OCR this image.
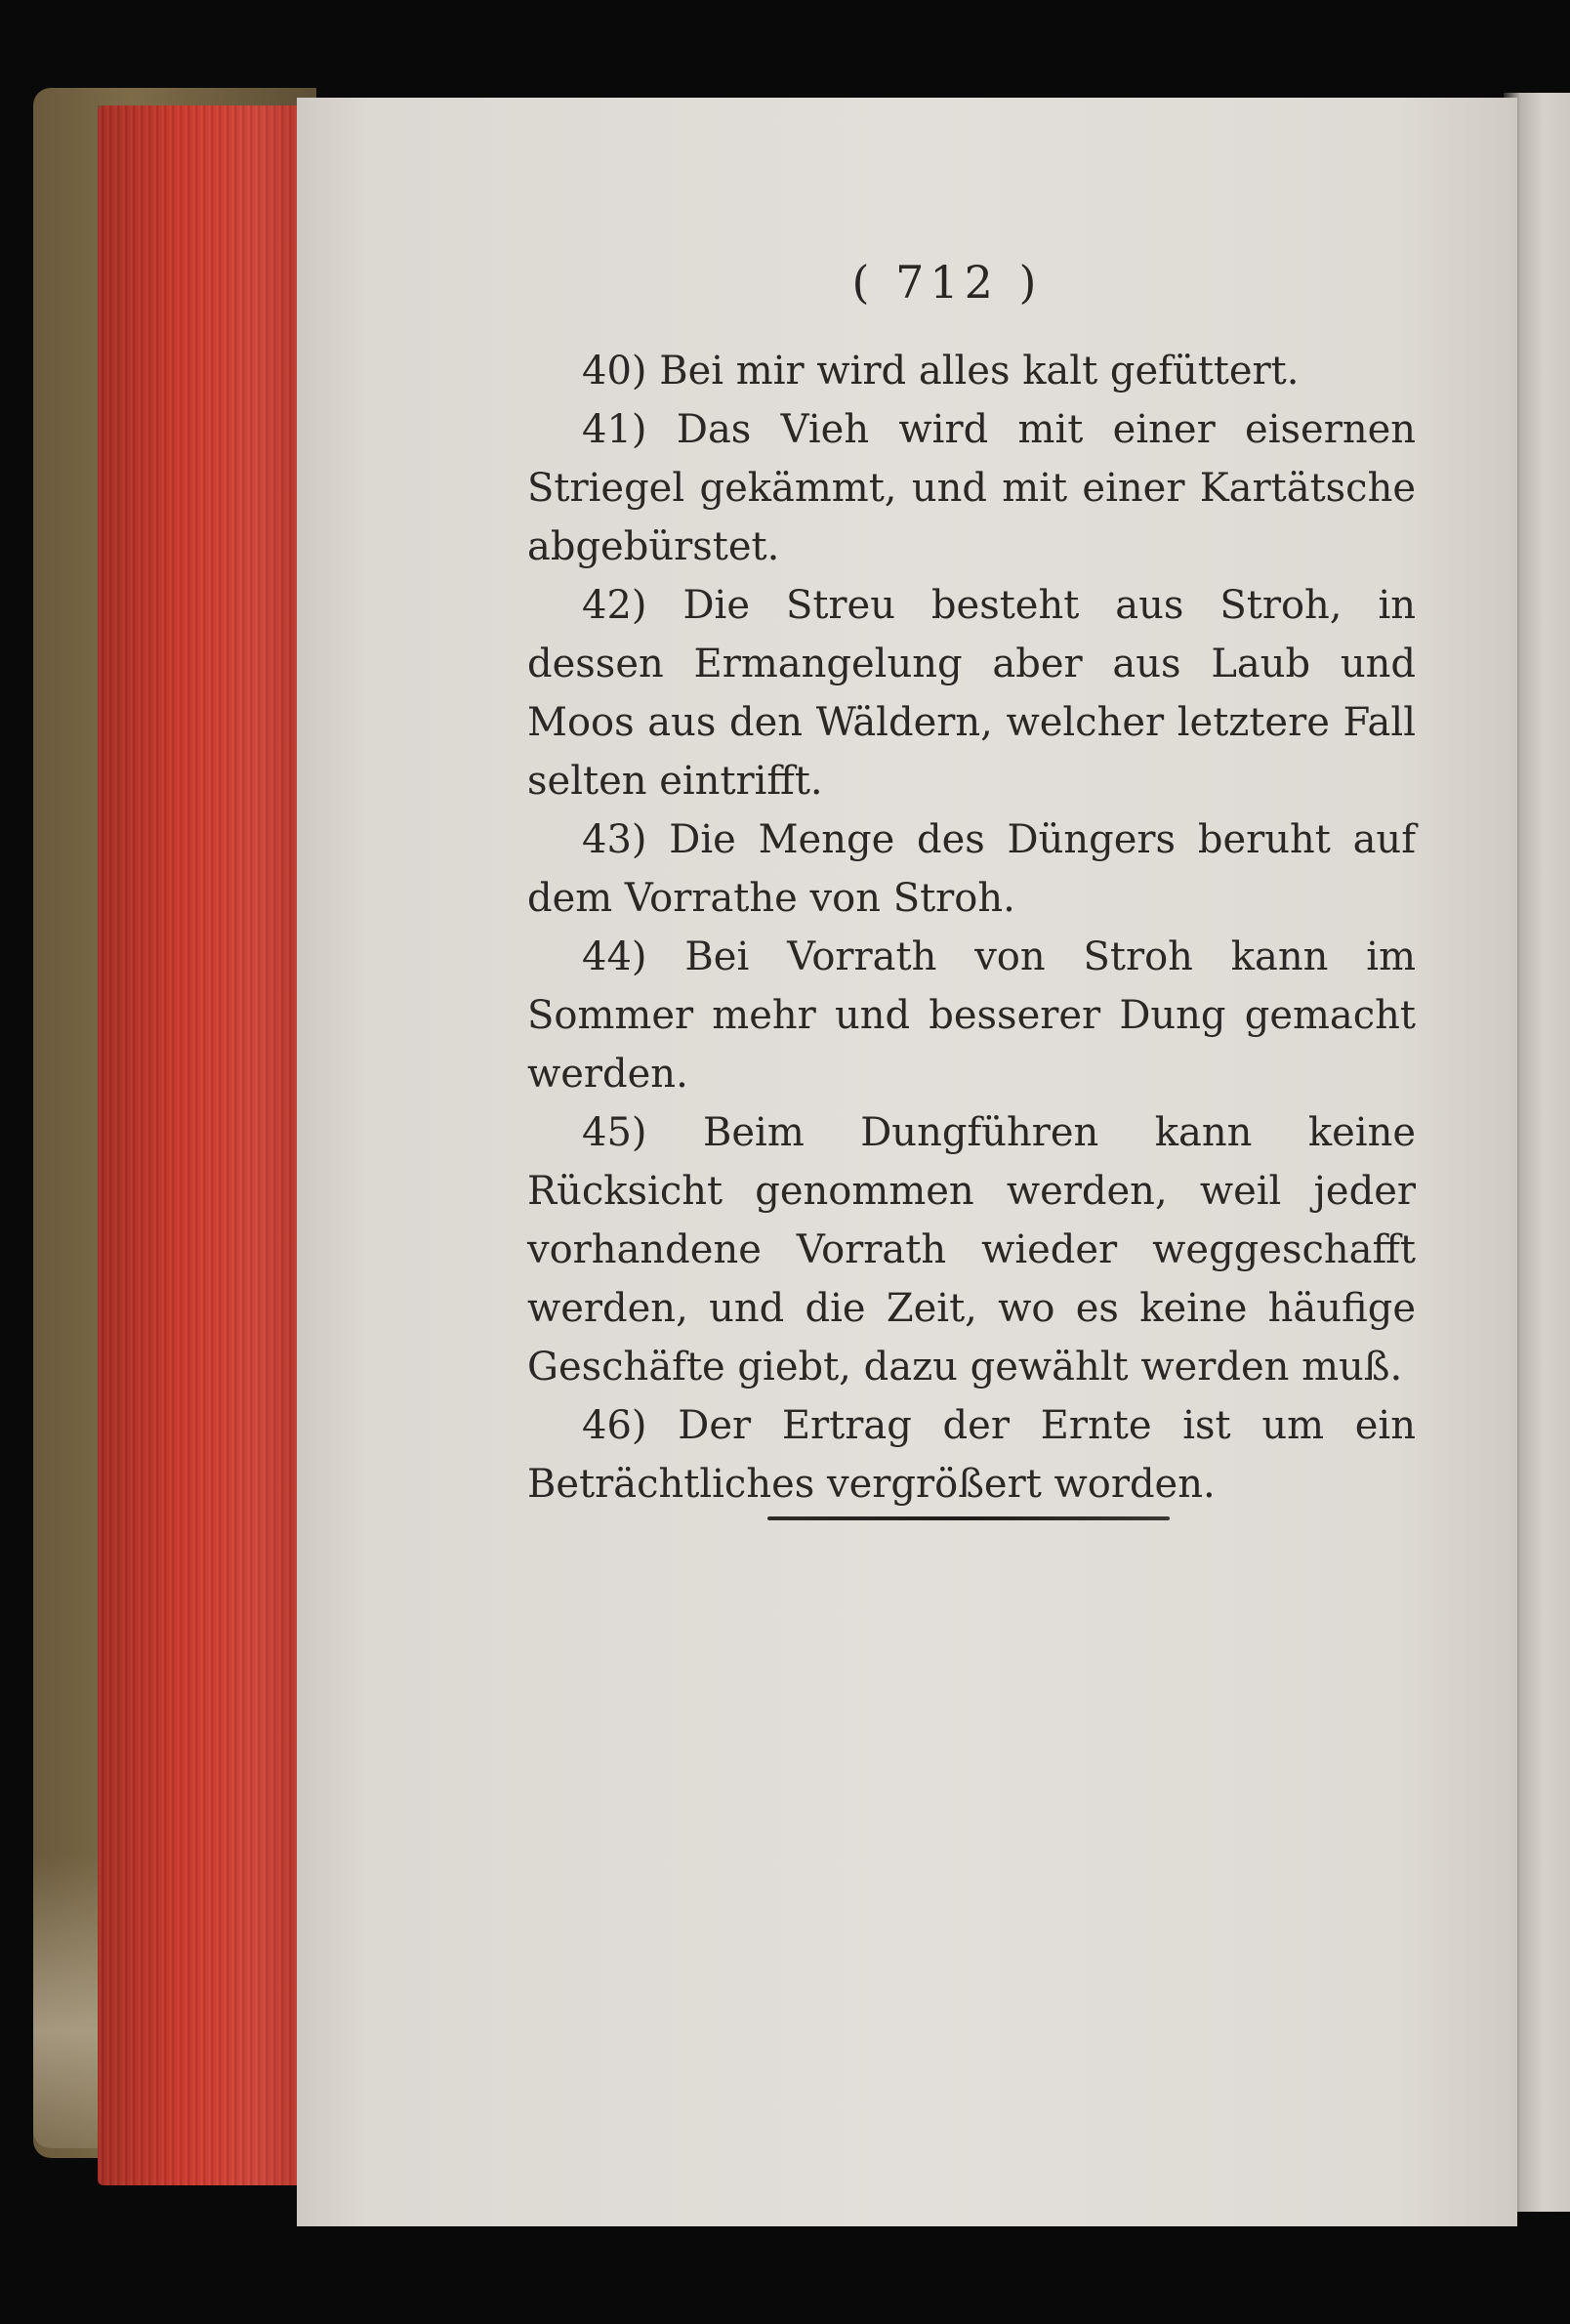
( 712 )

40) Bei mir wird alles kalt gefüttert.

41) Das Vieh wird mit einer eisernen Striegel gekämmt, und mit einer Kartätsche abgebürstet.

42) Die Streu besteht aus Stroh, in dessen Ermangelung aber aus Laub und Moos aus den Wäldern, welcher letztere Fall selten eintrifft.

43) Die Menge des Düngers beruht auf dem Vorrathe von Stroh.

44) Bei Vorrath von Stroh kann im Sommer mehr und besserer Dung gemacht werden.

45) Beim Dungführen kann keine Rücksicht genommen werden, weil jeder vorhandene Vorrath wieder weggeschafft werden, und die Zeit, wo es keine häufige Geschäfte giebt, dazu gewählt werden muß.

46) Der Ertrag der Ernte ist um ein Beträchtliches vergrößert worden.
